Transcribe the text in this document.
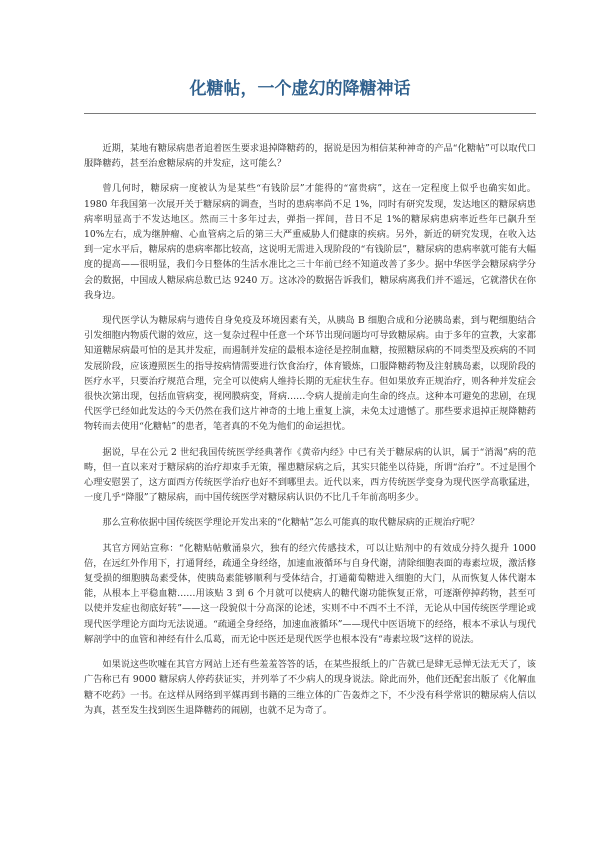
化糖帖，一个虚幻的降糖神话

近期，某地有糖尿病患者追着医生要求退掉降糖药的，据说是因为相信某种神奇的产品“化糖帖”可以取代口服降糖药，甚至治愈糖尿病的并发症，这可能么？

曾几何时，糖尿病一度被认为是某些“有钱阶层”才能得的“富贵病”，这在一定程度上似乎也确实如此。1980 年我国第一次展开关于糖尿病的调查，当时的患病率尚不足 1%，同时有研究发现，发达地区的糖尿病患病率明显高于不发达地区。然而三十多年过去，弹指一挥间，昔日不足 1%的糖尿病患病率近些年已飙升至 10%左右，成为继肿瘤、心血管病之后的第三大严重威胁人们健康的疾病。另外，新近的研究发现，在收入达到一定水平后，糖尿病的患病率都比较高，这说明无需进入现阶段的“有钱阶层”，糖尿病的患病率就可能有大幅度的提高——很明显，我们今日整体的生活水准比之三十年前已经不知道改善了多少。据中华医学会糖尿病学分会的数据，中国成人糖尿病总数已达 9240 万。这冰冷的数据告诉我们，糖尿病离我们并不遥远，它就潜伏在你我身边。

现代医学认为糖尿病与遗传自身免疫及环境因素有关，从胰岛 B 细胞合成和分泌胰岛素，到与靶细胞结合引发细胞内物质代谢的效应，这一复杂过程中任意一个环节出现问题均可导致糖尿病。由于多年的宣教，大家都知道糖尿病最可怕的是其并发症，而遏制并发症的最根本途径是控制血糖，按照糖尿病的不同类型及疾病的不同发展阶段，应该遵照医生的指导按病情需要进行饮食治疗，体育锻炼，口服降糖药物及注射胰岛素，以现阶段的医疗水平，只要治疗规范合理，完全可以使病人维持长期的无症状生存。但如果放弃正规治疗，则各种并发症会很快次第出现，包括血管病变，视网膜病变，肾病……令病人提前走向生命的终点。这种本可避免的悲剧，在现代医学已经如此发达的今天仍然在我们这片神奇的土地上重复上演，未免太过遗憾了。那些要求退掉正规降糖药物转而去使用“化糖帖”的患者，笔者真的不免为他们的命运担忧。

据说，早在公元 2 世纪我国传统医学经典著作《黄帝内经》中已有关于糖尿病的认识，属于“消渴”病的范畴，但一直以来对于糖尿病的治疗却束手无策，罹患糖尿病之后，其实只能坐以待毙，所谓“治疗”。不过是围个心理安慰罢了，这方面西方传统医学治疗也好不到哪里去。近代以来，西方传统医学变身为现代医学高歌猛进，一度几乎“降服”了糖尿病，而中国传统医学对糖尿病认识仍不比几千年前高明多少。

那么宣称依据中国传统医学理论开发出来的“化糖帖”怎么可能真的取代糖尿病的正规治疗呢？

其官方网站宣称：“化糖贴帖敷涌泉穴，独有的经穴传感技术，可以让贴剂中的有效成分持久提升 1000 倍，在远红外作用下，打通肾经，疏通全身经络，加速血液循环与自身代谢，清除细胞表面的毒素垃圾，激活修复受损的细胞胰岛素受体，使胰岛素能够顺利与受体结合，打通葡萄糖进入细胞的大门，从而恢复人体代谢本能，从根本上平稳血糖……用该贴 3 到 6 个月就可以使病人的糖代谢功能恢复正常，可逐渐停掉药物，甚至可以使并发症也彻底好转”——这一段貌似十分高深的论述，实则不中不西不土不洋，无论从中国传统医学理论或现代医学理论方面均无法说通。“疏通全身经络，加速血液循环”——现代中医语境下的经络，根本不承认与现代解剖学中的血管和神经有什么瓜葛，而无论中医还是现代医学也根本没有“毒素垃圾”这样的说法。

如果说这些吹嘘在其官方网站上还有些羞羞答答的话，在某些报纸上的广告就已是肆无忌惮无法无天了，该广告称已有 9000 糖尿病人停药获证实，并列举了不少病人的现身说法。除此而外，他们还配套出版了《化解血糖不吃药》一书。在这样从网络到平媒再到书籍的三维立体的广告轰炸之下，不少没有科学常识的糖尿病人信以为真，甚至发生找到医生退降糖药的闹剧，也就不足为奇了。
